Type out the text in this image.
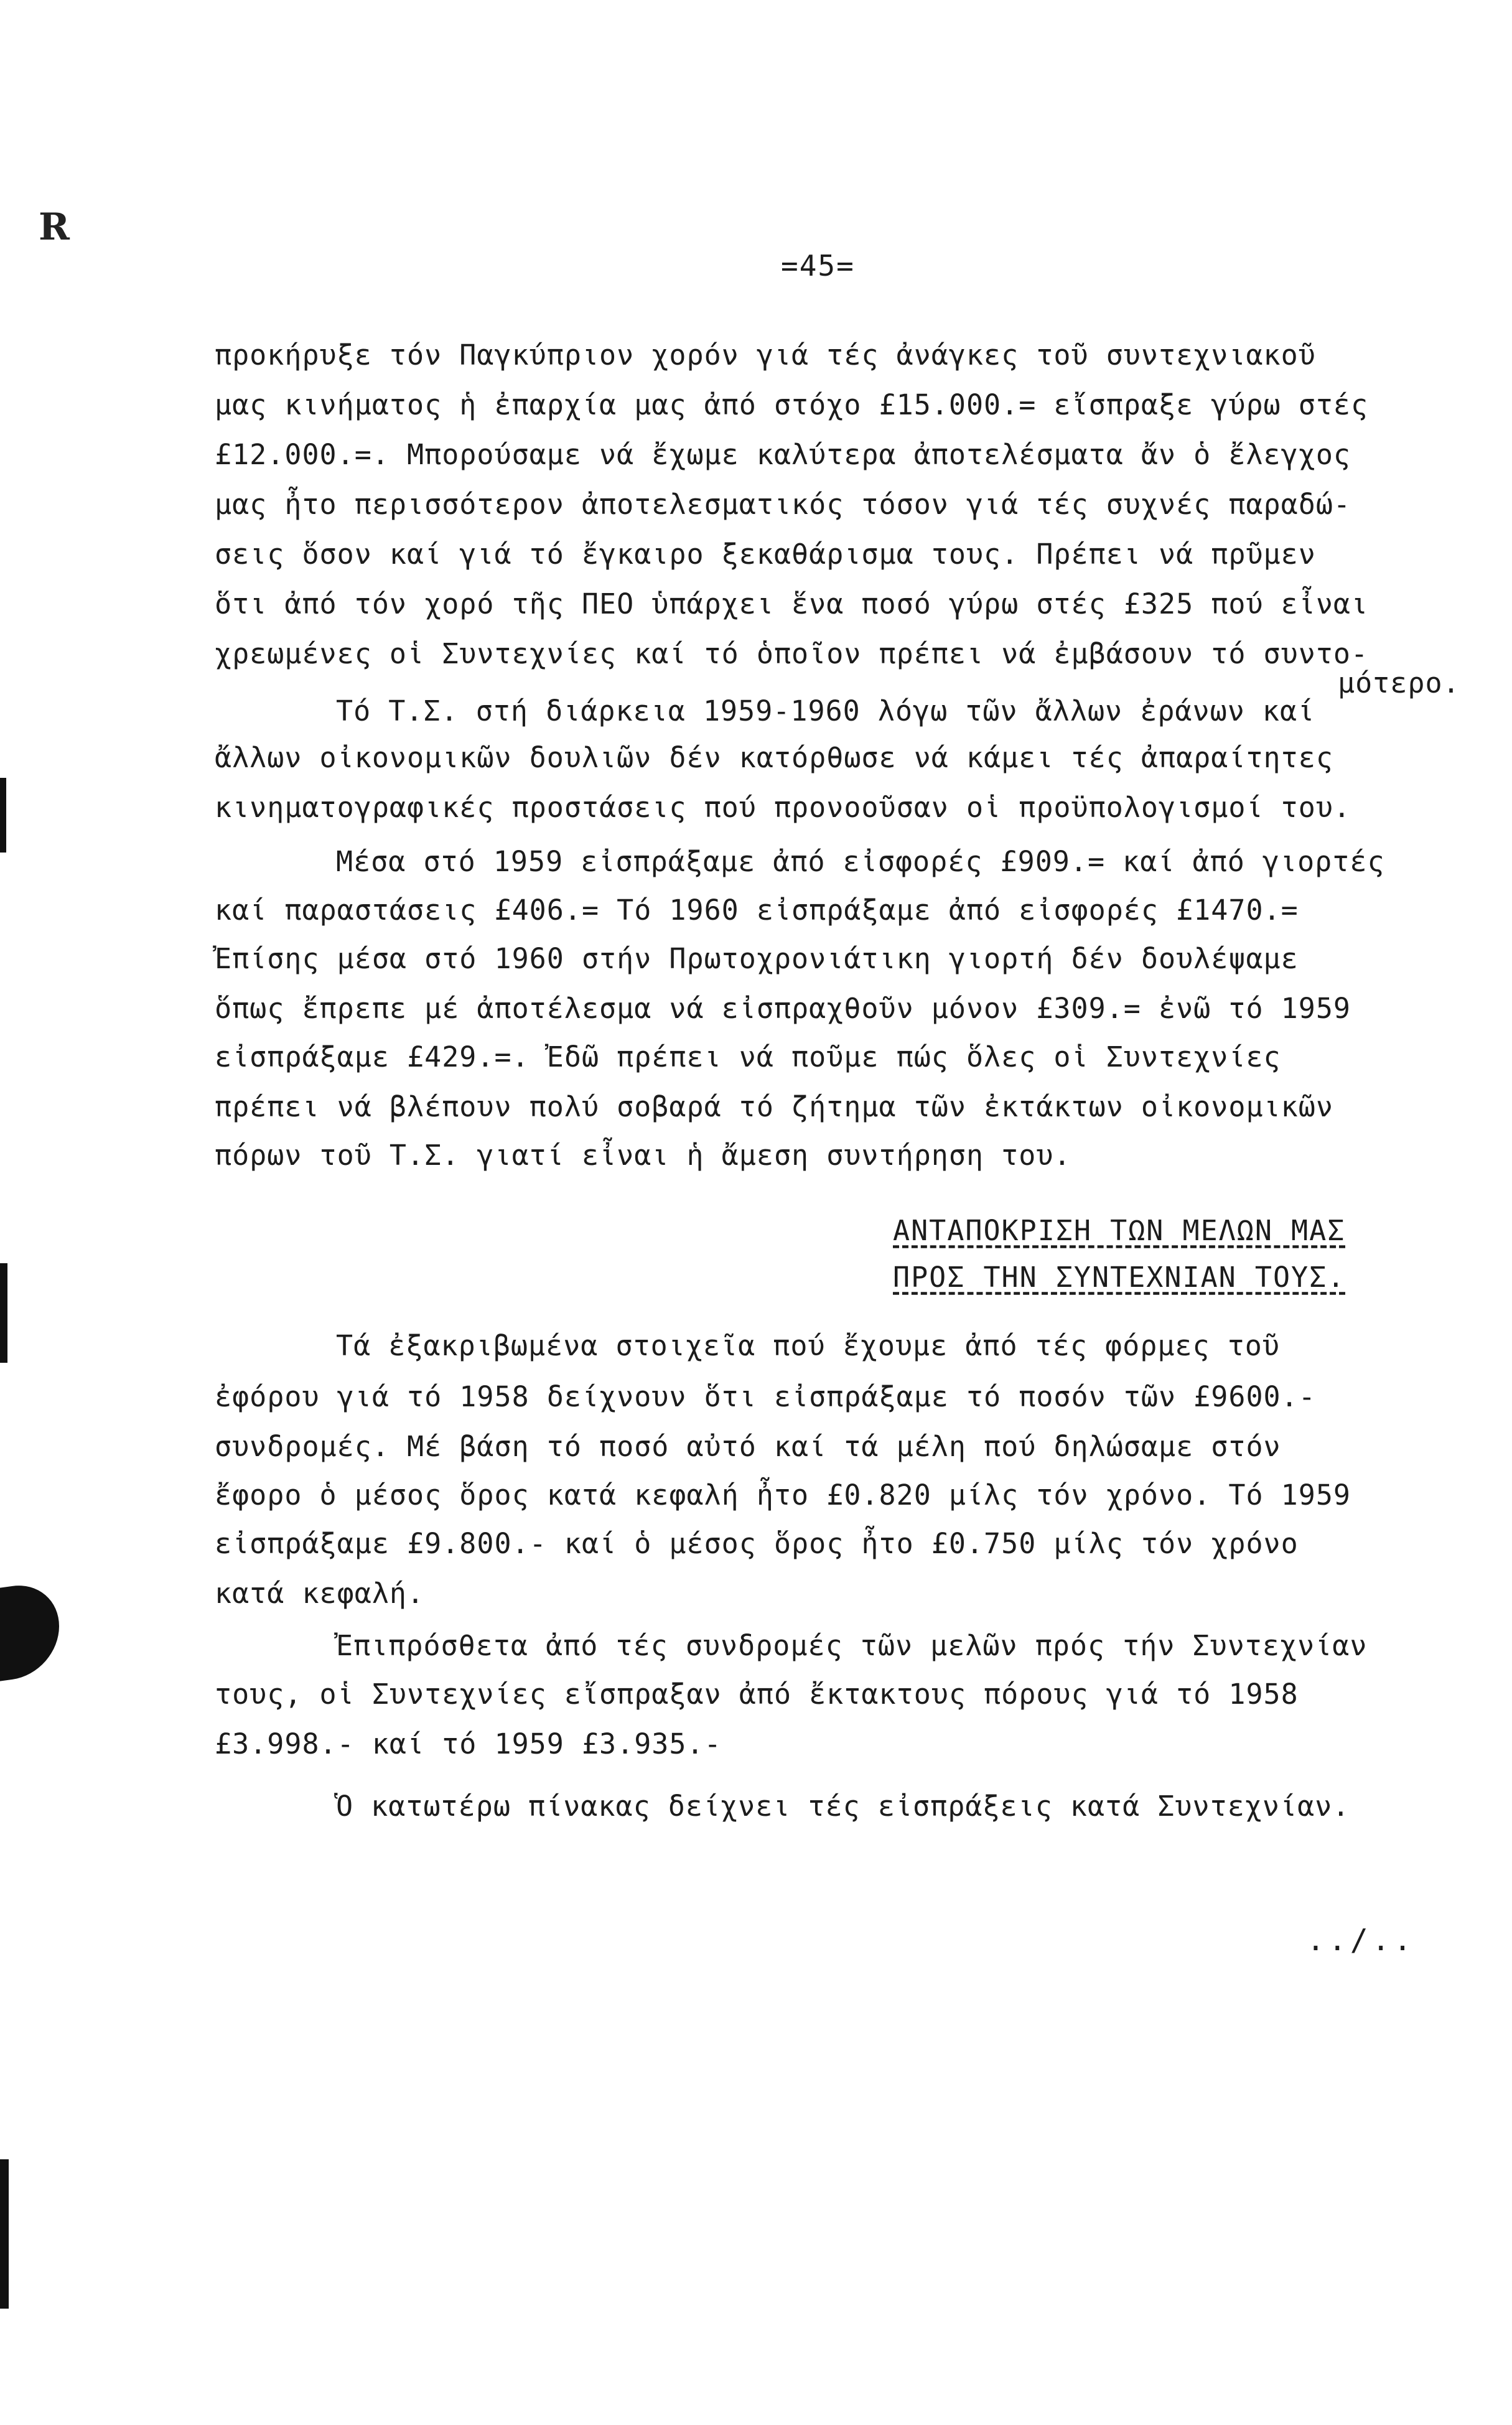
R
=45=
προκήρυξε τόν Παγκύπριον χορόν γιά τές ἀνάγκες τοῦ συντεχνιακοῦ
μας κινήματος ἡ ἐπαρχία μας ἀπό στόχο £15.000.= εἴσπραξε γύρω στές
£12.000.=. Μπορούσαμε νά ἔχωμε καλύτερα ἀποτελέσματα ἄν ὁ ἔλεγχος
μας ἦτο περισσότερον ἀποτελεσματικός τόσον γιά τές συχνές παραδώ-
σεις ὅσον καί γιά τό ἔγκαιρο ξεκαθάρισμα τους. Πρέπει νά πρῦμεν
ὅτι ἀπό τόν χορό τῆς ΠΕΟ ὑπάρχει ἕνα ποσό γύρω στές £325 πού εἶναι
χρεωμένες οἱ Συντεχνίες καί τό ὁποῖον πρέπει νά ἐμβάσουν τό συντο-
μότερο.
Τό Τ.Σ. στή διάρκεια 1959-1960 λόγω τῶν ἄλλων ἐράνων καί
ἄλλων οἰκονομικῶν δουλιῶν δέν κατόρθωσε νά κάμει τές ἀπαραίτητες
κινηματογραφικές προστάσεις πού προνοοῦσαν οἱ προϋπολογισμοί του.
Μέσα στό 1959 εἰσπράξαμε ἀπό εἰσφορές £909.= καί ἀπό γιορτές
καί παραστάσεις £406.= Τό 1960 εἰσπράξαμε ἀπό εἰσφορές £1470.=
Ἐπίσης μέσα στό 1960 στήν Πρωτοχρονιάτικη γιορτή δέν δουλέψαμε
ὅπως ἔπρεπε μέ ἀποτέλεσμα νά εἰσπραχθοῦν μόνον £309.= ἐνῶ τό 1959
εἰσπράξαμε £429.=. Ἐδῶ πρέπει νά ποῦμε πώς ὅλες οἱ Συντεχνίες
πρέπει νά βλέπουν πολύ σοβαρά τό ζήτημα τῶν ἐκτάκτων οἰκονομικῶν
πόρων τοῦ Τ.Σ. γιατί εἶναι ἡ ἄμεση συντήρηση του.
ΑΝΤΑΠΟΚΡΙΣΗ ΤΩΝ ΜΕΛΩΝ ΜΑΣ
ΠΡΟΣ ΤΗΝ ΣΥΝΤΕΧΝΙΑΝ ΤΟΥΣ.
Τά ἐξακριβωμένα στοιχεῖα πού ἔχουμε ἀπό τές φόρμες τοῦ
ἐφόρου γιά τό 1958 δείχνουν ὅτι εἰσπράξαμε τό ποσόν τῶν £9600.-
συνδρομές. Μέ βάση τό ποσό αὐτό καί τά μέλη πού δηλώσαμε στόν
ἔφορο ὁ μέσος ὅρος κατά κεφαλή ἦτο £0.820 μίλς τόν χρόνο. Τό 1959
εἰσπράξαμε £9.800.- καί ὁ μέσος ὅρος ἦτο £0.750 μίλς τόν χρόνο
κατά κεφαλή.
Ἐπιπρόσθετα ἀπό τές συνδρομές τῶν μελῶν πρός τήν Συντεχνίαν
τους, οἱ Συντεχνίες εἴσπραξαν ἀπό ἔκτακτους πόρους γιά τό 1958
£3.998.- καί τό 1959 £3.935.-
Ὁ κατωτέρω πίνακας δείχνει τές εἰσπράξεις κατά Συντεχνίαν.
../..
